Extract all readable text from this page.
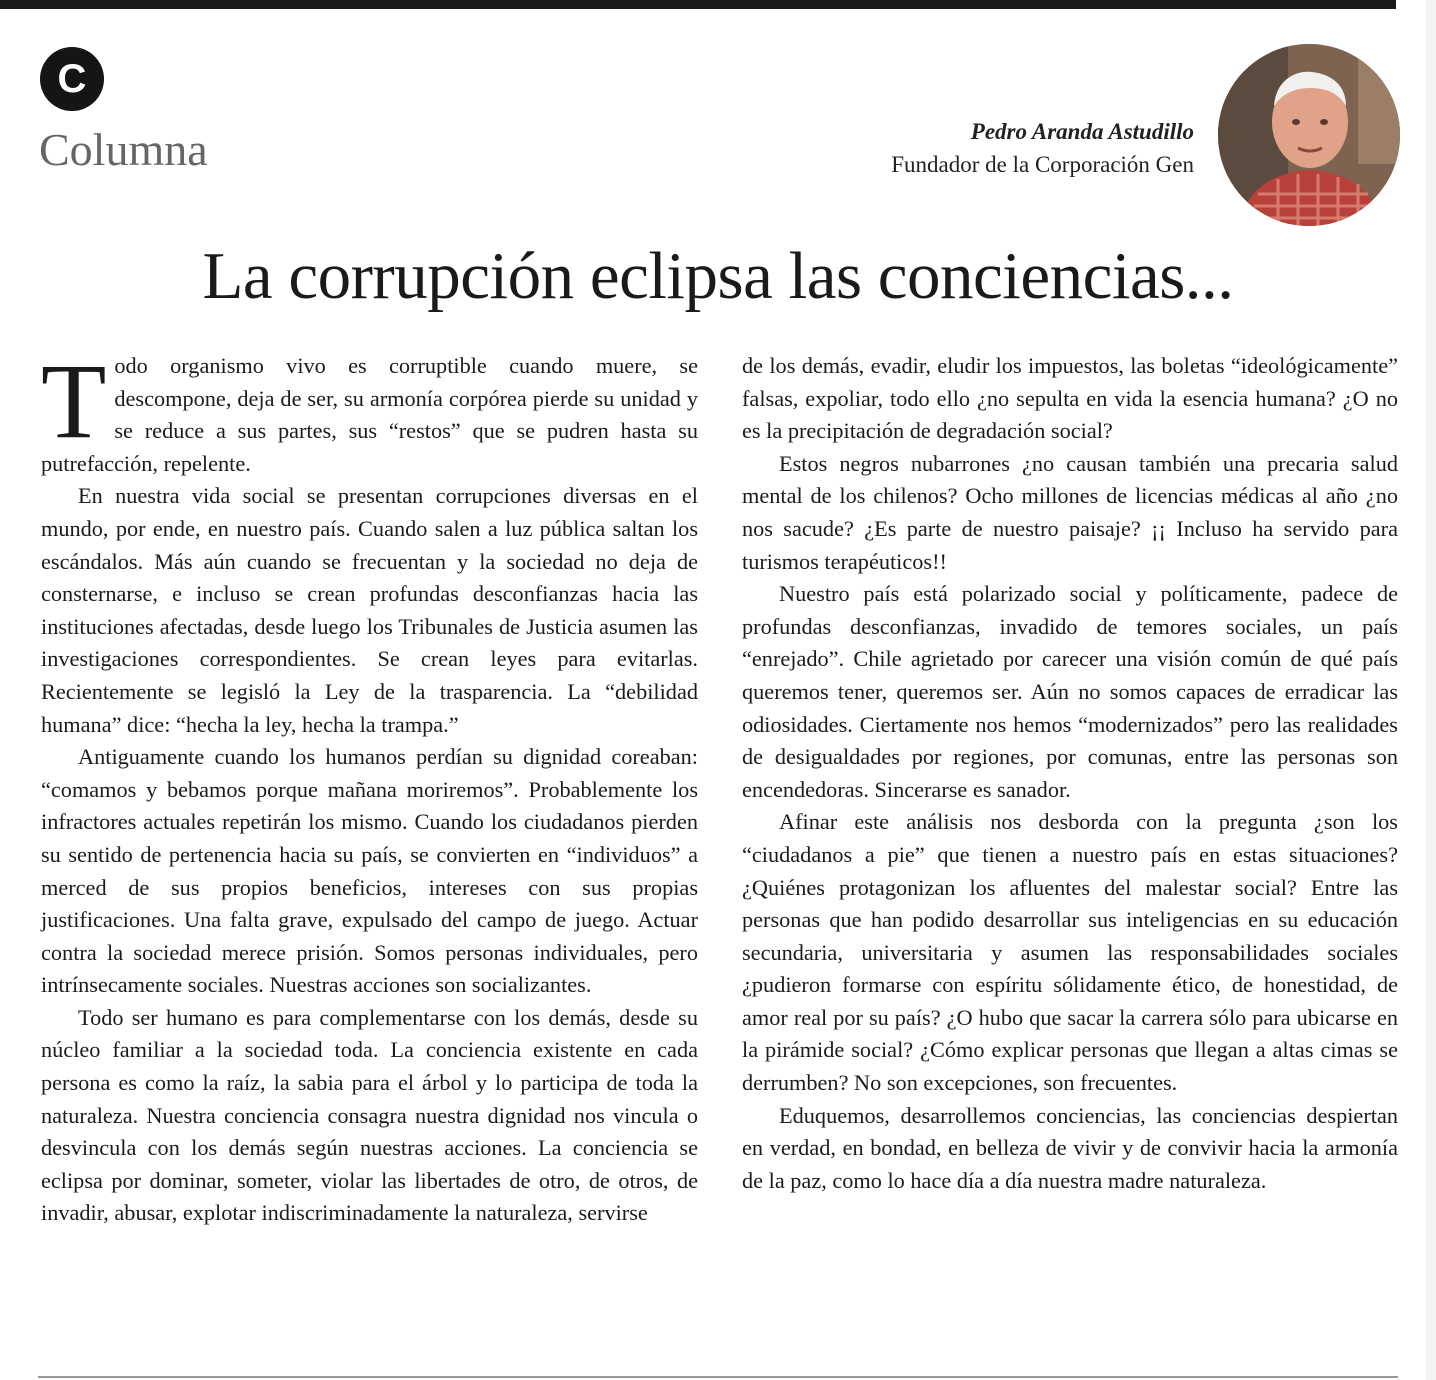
C
Columna	Pedro Aranda Astudillo
Fundador de la Corporación Gen
La corrupción eclipsa las conciencias...

Todo organismo vivo es corruptible cuando muere, se descompone, deja de ser, su armonía corpórea pierde su unidad y se reduce a sus partes, sus “restos” que se pudren hasta su putrefacción, repelente.

En nuestra vida social se presentan corrupciones diversas en el mundo, por ende, en nuestro país. Cuando salen a luz pública saltan los escándalos. Más aún cuando se frecuentan y la sociedad no deja de consternarse, e incluso se crean profundas desconfianzas hacia las instituciones afectadas, desde luego los Tribunales de Justicia asumen las investigaciones correspondientes. Se crean leyes para evitarlas. Recientemente se legisló la Ley de la trasparencia. La “debilidad humana” dice: “hecha la ley, hecha la trampa.”

Antiguamente cuando los humanos perdían su dignidad coreaban: “comamos y bebamos porque mañana moriremos”. Probablemente los infractores actuales repetirán los mismo. Cuando los ciudadanos pierden su sentido de pertenencia hacia su país, se convierten en “individuos” a merced de sus propios beneficios, intereses con sus propias justificaciones. Una falta grave, expulsado del campo de juego. Actuar contra la sociedad merece prisión. Somos personas individuales, pero intrínsecamente sociales. Nuestras acciones son socializantes.

Todo ser humano es para complementarse con los demás, desde su núcleo familiar a la sociedad toda. La conciencia existente en cada persona es como la raíz, la sabia para el árbol y lo participa de toda la naturaleza. Nuestra conciencia consagra nuestra dignidad nos vincula o desvincula con los demás según nuestras acciones. La conciencia se eclipsa por dominar, someter, violar las libertades de otro, de otros, de invadir, abusar, explotar indiscriminadamente la naturaleza, servirse

de los demás, evadir, eludir los impuestos, las boletas “ideológicamente” falsas, expoliar, todo ello ¿no sepulta en vida la esencia humana? ¿O no es la precipitación de degradación social?

Estos negros nubarrones ¿no causan también una precaria salud mental de los chilenos? Ocho millones de licencias médicas al año ¿no nos sacude? ¿Es parte de nuestro paisaje? ¡¡ Incluso ha servido para turismos terapéuticos!!

Nuestro país está polarizado social y políticamente, padece de profundas desconfianzas, invadido de temores sociales, un país “enrejado”. Chile agrietado por carecer una visión común de qué país queremos tener, queremos ser. Aún no somos capaces de erradicar las odiosidades. Ciertamente nos hemos “modernizados” pero las realidades de desigualdades por regiones, por comunas, entre las personas son encendedoras. Sincerarse es sanador.

Afinar este análisis nos desborda con la pregunta ¿son los “ciudadanos a pie” que tienen a nuestro país en estas situaciones? ¿Quiénes protagonizan los afluentes del malestar social? Entre las personas que han podido desarrollar sus inteligencias en su educación secundaria, universitaria y asumen las responsabilidades sociales ¿pudieron formarse con espíritu sólidamente ético, de honestidad, de amor real por su país? ¿O hubo que sacar la carrera sólo para ubicarse en la pirámide social? ¿Cómo explicar personas que llegan a altas cimas se derrumben? No son excepciones, son frecuentes.

Eduquemos, desarrollemos conciencias, las conciencias despiertan en verdad, en bondad, en belleza de vivir y de convivir hacia la armonía de la paz, como lo hace día a día nuestra madre naturaleza.
